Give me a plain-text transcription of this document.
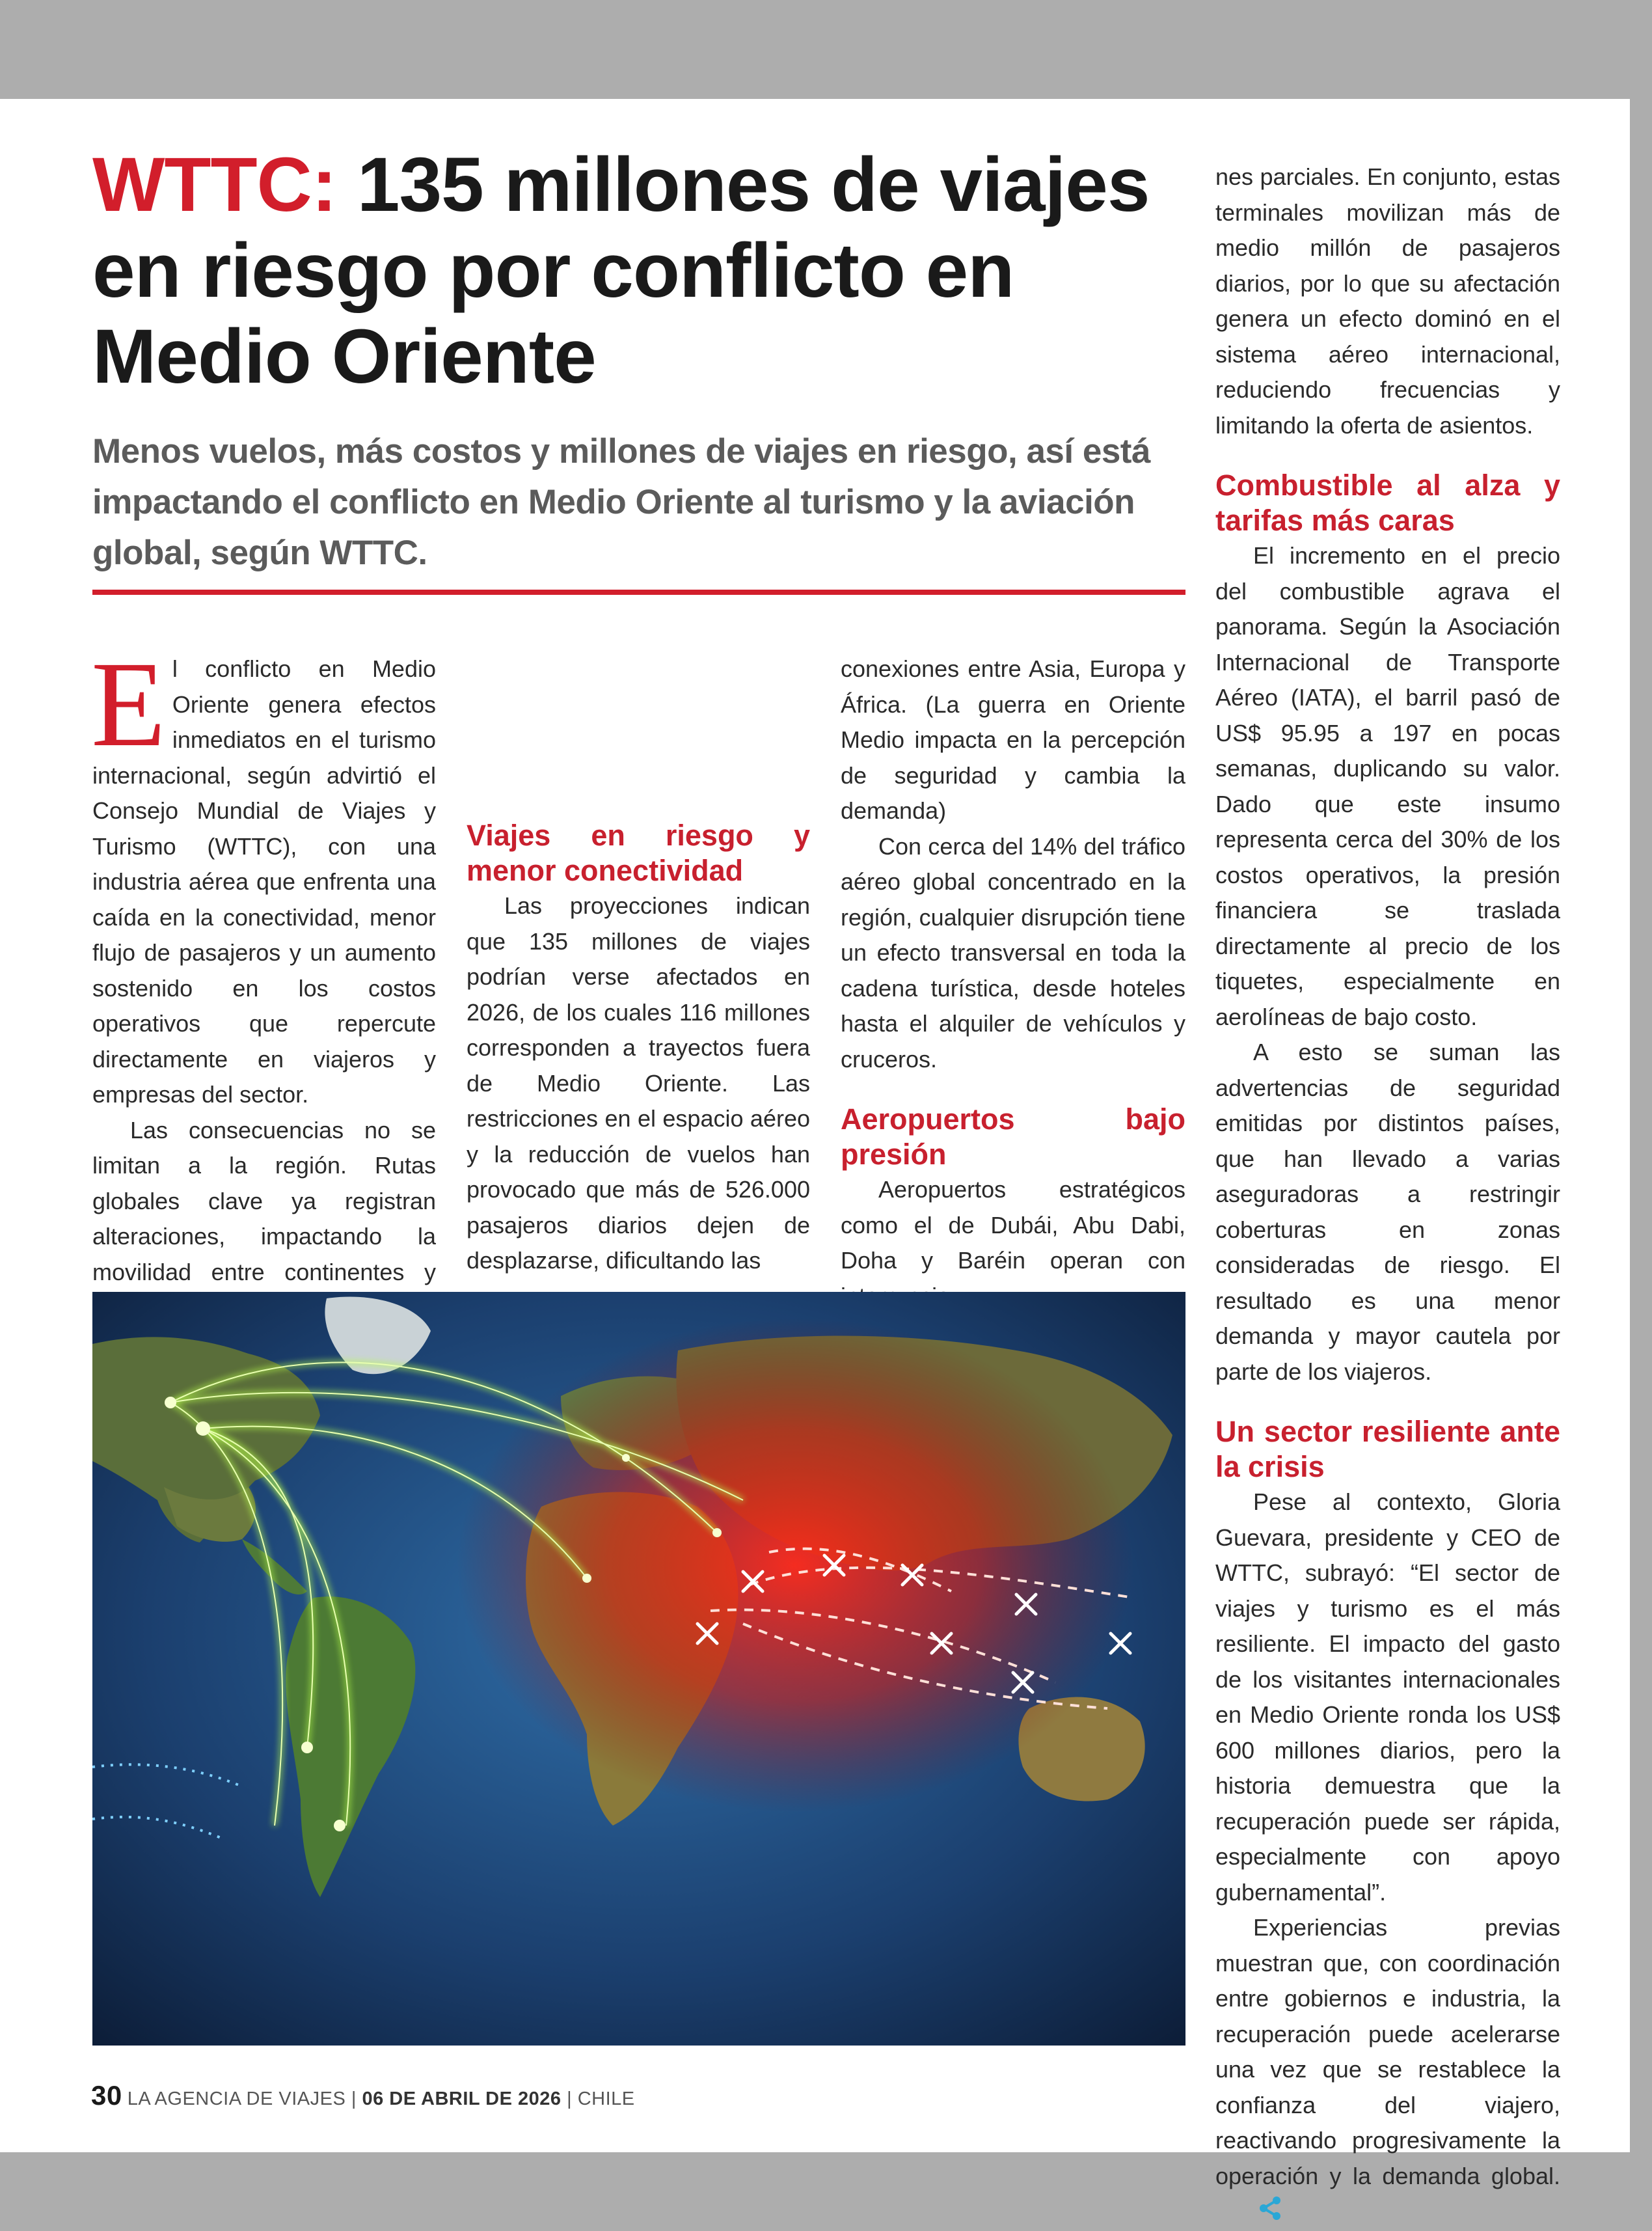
WTTC: 135 millones de viajes en riesgo por conflicto en Medio Oriente

Menos vuelos, más costos y millones de viajes en riesgo, así está impactando el conflicto en Medio Oriente al turismo y la aviación global, según WTTC.

El conflicto en Medio Oriente genera efectos inmediatos en el turismo internacional, según advirtió el Consejo Mundial de Viajes y Turismo (WTTC), con una industria aérea que enfrenta una caída en la conectividad, menor flujo de pasajeros y un aumento sostenido en los costos operativos que repercute directamente en viajeros y empresas del sector.

Las consecuencias no se limitan a la región. Rutas globales clave ya registran alteraciones, impactando la movilidad entre continentes y

Viajes en riesgo y menor conectividad

Las proyecciones indican que 135 millones de viajes podrían verse afectados en 2026, de los cuales 116 millones corresponden a trayectos fuera de Medio Oriente. Las restricciones en el espacio aéreo y la reducción de vuelos han provocado que más de 526.000 pasajeros diarios dejen de desplazarse, dificultando las

conexiones entre Asia, Europa y África. (La guerra en Oriente Medio impacta en la percepción de seguridad y cambia la demanda)

Con cerca del 14% del tráfico aéreo global concentrado en la región, cualquier disrupción tiene un efecto transversal en toda la cadena turística, desde hoteles hasta el alquiler de vehículos y cruceros.

Aeropuertos bajo presión

Aeropuertos estratégicos como el de Dubái, Abu Dabi, Doha y Baréin operan con

nes parciales. En conjunto, estas terminales movilizan más de medio millón de pasajeros diarios, por lo que su afectación genera un efecto dominó en el sistema aéreo internacional, reduciendo frecuencias y limitando la oferta de asientos.

Combustible al alza y tarifas más caras

El incremento en el precio del combustible agrava el panorama. Según la Asociación Internacional de Transporte Aéreo (IATA), el barril pasó de US$ 95.95 a 197 en pocas semanas, duplicando su valor. Dado que este insumo representa cerca del 30% de los costos operativos, la presión financiera se traslada directamente al precio de los tiquetes, especialmente en aerolíneas de bajo costo.

A esto se suman las advertencias de seguridad emitidas por distintos países, que han llevado a varias aseguradoras a restringir coberturas en zonas consideradas de riesgo. El resultado es una menor demanda y mayor cautela por parte de los viajeros.

Un sector resiliente ante la crisis

Pese al contexto, Gloria Guevara, presidente y CEO de WTTC, subrayó: “El sector de viajes y turismo es el más resiliente. El impacto del gasto de los visitantes internacionales en Medio Oriente ronda los US$ 600 millones diarios, pero la historia demuestra que la recuperación puede ser rápida, especialmente con apoyo gubernamental”.

Experiencias previas muestran que, con coordinación entre gobiernos e industria, la recuperación puede acelerarse una vez que se restablece la confianza del viajero, reactivando progresivamente la operación y la demanda global.

30 LA AGENCIA DE VIAJES | 06 DE ABRIL DE 2026 | CHILE
